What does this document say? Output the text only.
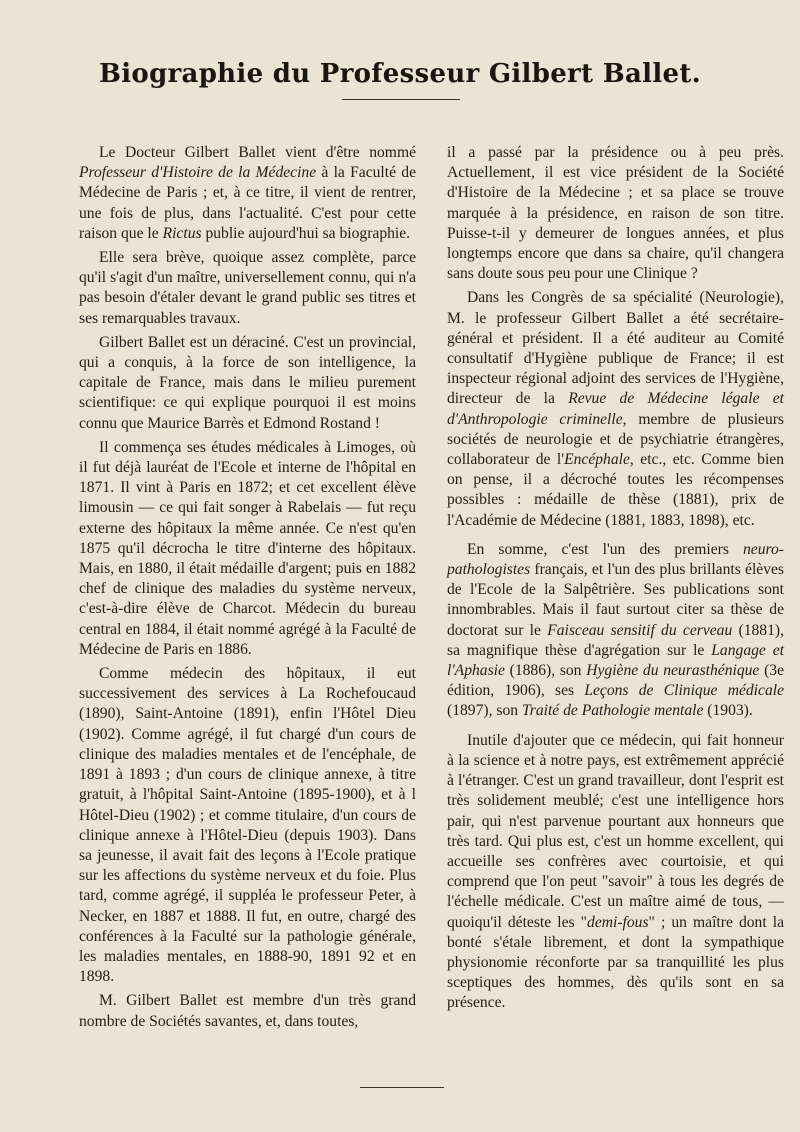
Biographie du Professeur Gilbert Ballet.

Le Docteur Gilbert Ballet vient d'être nommé Professeur d'Histoire de la Médecine à la Faculté de Médecine de Paris ; et, à ce titre, il vient de rentrer, une fois de plus, dans l'actualité. C'est pour cette raison que le Rictus publie aujourd'hui sa biographie.

Elle sera brève, quoique assez complète, parce qu'il s'agit d'un maître, universellement connu, qui n'a pas besoin d'étaler devant le grand public ses titres et ses remarquables travaux.

Gilbert Ballet est un déraciné. C'est un provincial, qui a conquis, à la force de son intelligence, la capitale de France, mais dans le milieu purement scientifique: ce qui explique pourquoi il est moins connu que Maurice Barrès et Edmond Rostand !

Il commença ses études médicales à Limoges, où il fut déjà lauréat de l'Ecole et interne de l'hôpital en 1871. Il vint à Paris en 1872; et cet excellent élève limousin — ce qui fait songer à Rabelais — fut reçu externe des hôpitaux la même année. Ce n'est qu'en 1875 qu'il décrocha le titre d'interne des hôpitaux. Mais, en 1880, il était médaille d'argent; puis en 1882 chef de clinique des maladies du système nerveux, c'est-à-dire élève de Charcot. Médecin du bureau central en 1884, il était nommé agrégé à la Faculté de Médecine de Paris en 1886.

Comme médecin des hôpitaux, il eut successivement des services à La Rochefoucaud (1890), Saint-Antoine (1891), enfin l'Hôtel Dieu (1902). Comme agrégé, il fut chargé d'un cours de clinique des maladies mentales et de l'encéphale, de 1891 à 1893 ; d'un cours de clinique annexe, à titre gratuit, à l'hôpital Saint-Antoine (1895-1900), et à l Hôtel-Dieu (1902) ; et comme titulaire, d'un cours de clinique annexe à l'Hôtel-Dieu (depuis 1903). Dans sa jeunesse, il avait fait des leçons à l'Ecole pratique sur les affections du système nerveux et du foie. Plus tard, comme agrégé, il suppléa le professeur Peter, à Necker, en 1887 et 1888. Il fut, en outre, chargé des conférences à la Faculté sur la pathologie générale, les maladies mentales, en 1888-90, 1891 92 et en 1898.

M. Gilbert Ballet est membre d'un très grand nombre de Sociétés savantes, et, dans toutes,

il a passé par la présidence ou à peu près. Actuellement, il est vice président de la Société d'Histoire de la Médecine ; et sa place se trouve marquée à la présidence, en raison de son titre. Puisse-t-il y demeurer de longues années, et plus longtemps encore que dans sa chaire, qu'il changera sans doute sous peu pour une Clinique ?

Dans les Congrès de sa spécialité (Neurologie), M. le professeur Gilbert Ballet a été secrétaire-général et président. Il a été auditeur au Comité consultatif d'Hygiène publique de France; il est inspecteur régional adjoint des services de l'Hygiène, directeur de la Revue de Médecine légale et d'Anthropologie criminelle, membre de plusieurs sociétés de neurologie et de psychiatrie étrangères, collaborateur de l'Encéphale, etc., etc. Comme bien on pense, il a décroché toutes les récompenses possibles : médaille de thèse (1881), prix de l'Académie de Médecine (1881, 1883, 1898), etc.

En somme, c'est l'un des premiers neuro-pathologistes français, et l'un des plus brillants élèves de l'Ecole de la Salpêtrière. Ses publications sont innombrables. Mais il faut surtout citer sa thèse de doctorat sur le Faisceau sensitif du cerveau (1881), sa magnifique thèse d'agrégation sur le Langage et l'Aphasie (1886), son Hygiène du neurasthénique (3e édition, 1906), ses Leçons de Clinique médicale (1897), son Traité de Pathologie mentale (1903).

Inutile d'ajouter que ce médecin, qui fait honneur à la science et à notre pays, est extrêmement apprécié à l'étranger. C'est un grand travailleur, dont l'esprit est très solidement meublé; c'est une intelligence hors pair, qui n'est parvenue pourtant aux honneurs que très tard. Qui plus est, c'est un homme excellent, qui accueille ses confrères avec courtoisie, et qui comprend que l'on peut "savoir" à tous les degrés de l'échelle médicale. C'est un maître aimé de tous, — quoiqu'il déteste les "demi-fous" ; un maître dont la bonté s'étale librement, et dont la sympathique physionomie réconforte par sa tranquillité les plus sceptiques des hommes, dès qu'ils sont en sa présence.
